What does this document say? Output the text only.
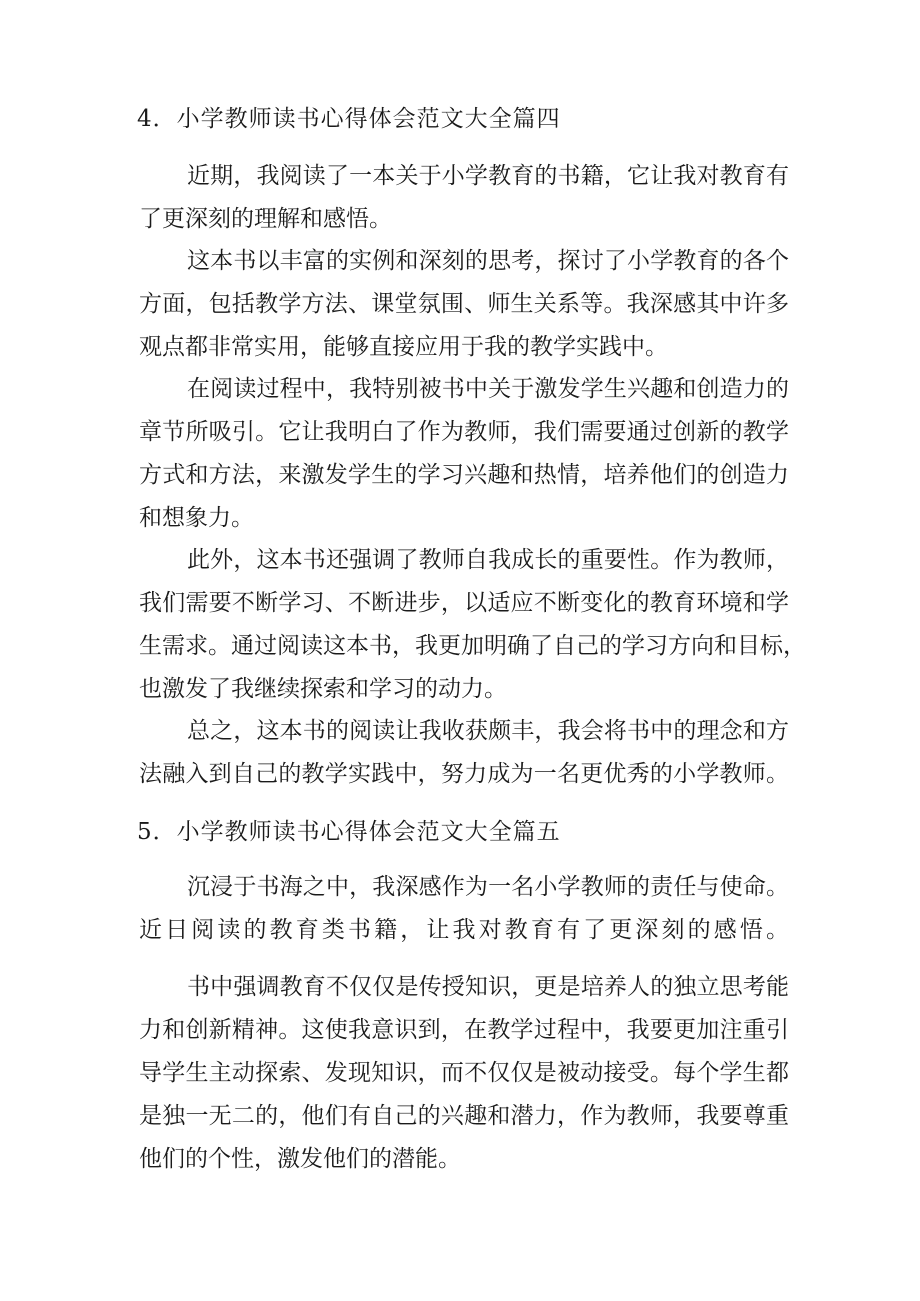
4．小学教师读书心得体会范文大全篇四
近期，我阅读了一本关于小学教育的书籍，它让我对教育有
了更深刻的理解和感悟。
这本书以丰富的实例和深刻的思考，探讨了小学教育的各个
方面，包括教学方法、课堂氛围、师生关系等。我深感其中许多
观点都非常实用，能够直接应用于我的教学实践中。
在阅读过程中，我特别被书中关于激发学生兴趣和创造力的
章节所吸引。它让我明白了作为教师，我们需要通过创新的教学
方式和方法，来激发学生的学习兴趣和热情，培养他们的创造力
和想象力。
此外，这本书还强调了教师自我成长的重要性。作为教师，
我们需要不断学习、不断进步，以适应不断变化的教育环境和学
生需求。通过阅读这本书，我更加明确了自己的学习方向和目标，
也激发了我继续探索和学习的动力。
总之，这本书的阅读让我收获颇丰，我会将书中的理念和方
法融入到自己的教学实践中，努力成为一名更优秀的小学教师。
5．小学教师读书心得体会范文大全篇五
沉浸于书海之中，我深感作为一名小学教师的责任与使命。
近日阅读的教育类书籍，让我对教育有了更深刻的感悟。
书中强调教育不仅仅是传授知识，更是培养人的独立思考能
力和创新精神。这使我意识到，在教学过程中，我要更加注重引
导学生主动探索、发现知识，而不仅仅是被动接受。每个学生都
是独一无二的，他们有自己的兴趣和潜力，作为教师，我要尊重
他们的个性，激发他们的潜能。
